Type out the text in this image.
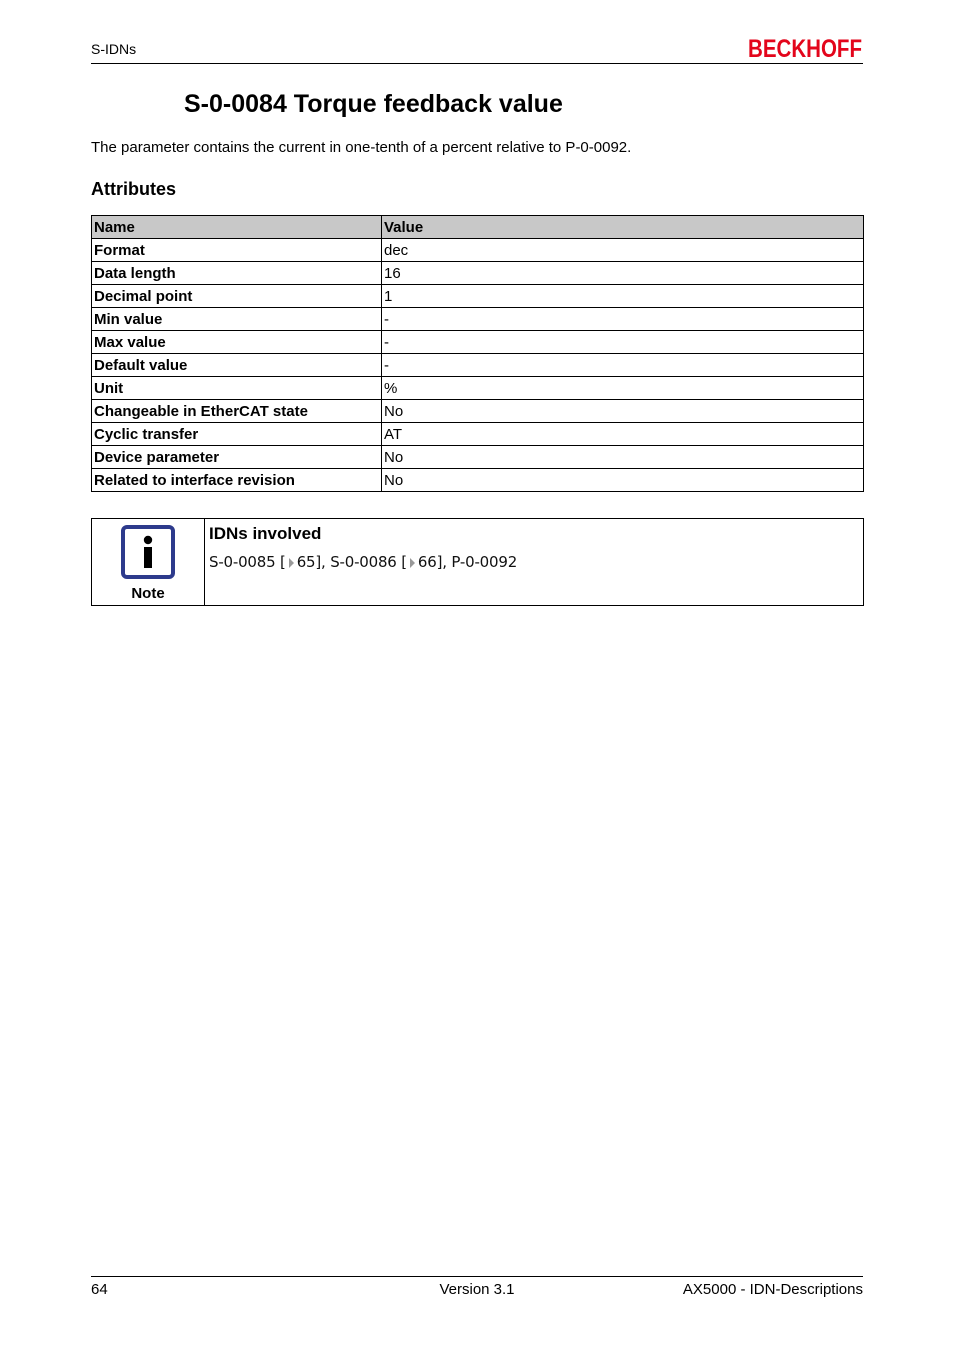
S-IDNs	BECKHOFF
S-0-0084 Torque feedback value

The parameter contains the current in one-tenth of a percent relative to P-0-0092.

Attributes
Name	Value
Format	dec
Data length	16
Decimal point	1
Min value	-
Max value	-
Default value	-
Unit	%
Changeable in EtherCAT state	No
Cyclic transfer	AT
Device parameter	No
Related to interface revision	No
Note
IDNs involved
S-0-0085 [ 65], S-0-0086 [ 66], P-0-0092
64	Version 3.1	AX5000 - IDN-Descriptions
